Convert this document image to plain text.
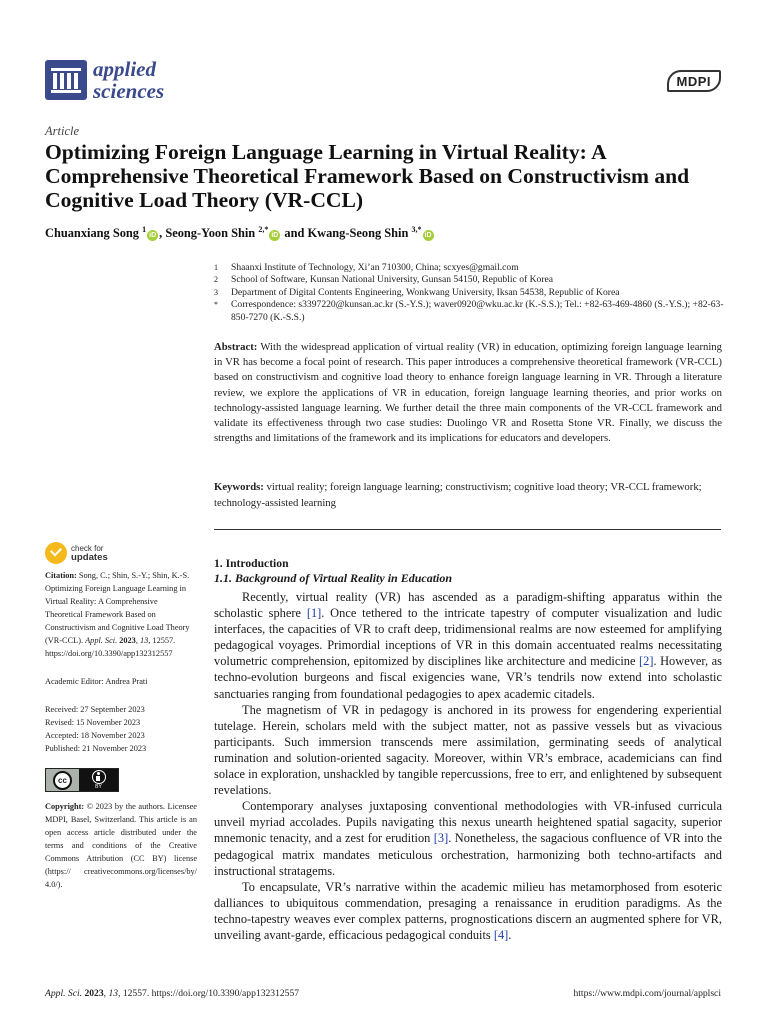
applied
sciences	MDPI
Article
Optimizing Foreign Language Learning in Virtual Reality: A Comprehensive Theoretical Framework Based on Constructivism and Cognitive Load Theory (VR-CCL)
Chuanxiang Song $^1$iD , Seong-Yoon Shin $^{2,*}$iD and Kwang-Seong Shin $^{3,*}$iD
1	Shaanxi Institute of Technology, Xi’an 710300, China; scxyes@gmail.com
2	School of Software, Kunsan National University, Gunsan 54150, Republic of Korea
3	Department of Digital Contents Engineering, Wonkwang University, Iksan 54538, Republic of Korea
*	Correspondence: s3397220@kunsan.ac.kr (S.-Y.S.); waver0920@wku.ac.kr (K.-S.S.); Tel.: +82-63-469-4860 (S.-Y.S.); +82-63-850-7270 (K.-S.S.)
Abstract: With the widespread application of virtual reality (VR) in education, optimizing foreign language learning in VR has become a focal point of research. This paper introduces a comprehensive theoretical framework (VR-CCL) based on constructivism and cognitive load theory to enhance foreign language learning in VR. Through a literature review, we explore the applications of VR in education, foreign language learning theories, and prior works on technology-assisted language learning. We further detail the three main components of the VR-CCL framework and validate its effectiveness through two case studies: Duolingo VR and Rosetta Stone VR. Finally, we discuss the strengths and limitations of the framework and its implications for educators and developers.
Keywords: virtual reality; foreign language learning; constructivism; cognitive load theory; VR-CCL framework; technology-assisted learning
check for
updates
Citation: Song, C.; Shin, S.-Y.; Shin, K.-S. Optimizing Foreign Language Learning in Virtual Reality: A Comprehensive Theoretical Framework Based on Constructivism and Cognitive Load Theory (VR-CCL). Appl. Sci. 2023, 13, 12557. https://doi.org/10.3390/app132312557
Academic Editor: Andrea Prati
Received: 27 September 2023
Revised: 15 November 2023
Accepted: 18 November 2023
Published: 21 November 2023
cc
BY
Copyright: © 2023 by the authors. Licensee MDPI, Basel, Switzerland. This article is an open access article distributed under the terms and conditions of the Creative Commons Attribution (CC BY) license (https:// creativecommons.org/licenses/by/ 4.0/).
1. Introduction
1.1. Background of Virtual Reality in Education

Recently, virtual reality (VR) has ascended as a paradigm-shifting apparatus within the scholastic sphere [1]. Once tethered to the intricate tapestry of computer visualization and ludic interfaces, the capacities of VR to craft deep, tridimensional realms are now esteemed for amplifying pedagogical voyages. Primordial inceptions of VR in this domain accentuated realms necessitating volumetric comprehension, epitomized by disciplines like architecture and medicine [2]. However, as techno-evolution burgeons and fiscal exigencies wane, VR’s tendrils now extend into scholastic sanctuaries ranging from foundational pedagogies to apex academic citadels.

The magnetism of VR in pedagogy is anchored in its prowess for engendering experiential tutelage. Herein, scholars meld with the subject matter, not as passive vessels but as vivacious participants. Such immersion transcends mere assimilation, germinating seeds of analytical rumination and solution-oriented sagacity. Moreover, within VR’s embrace, academicians can find solace in exploration, unshackled by tangible repercussions, free to err, and enlightened by subsequent revelations.

Contemporary analyses juxtaposing conventional methodologies with VR-infused curricula unveil myriad accolades. Pupils navigating this nexus unearth heightened spatial sagacity, superior mnemonic tenacity, and a zest for erudition [3]. Nonetheless, the sagacious confluence of VR into the pedagogical matrix mandates meticulous orchestration, harmonizing both techno-artifacts and instructional stratagems.

To encapsulate, VR’s narrative within the academic milieu has metamorphosed from esoteric dalliances to ubiquitous commendation, presaging a renaissance in erudition paradigms. As the techno-tapestry weaves ever complex patterns, prognostications discern an augmented sphere for VR, unveiling avant-garde, efficacious pedagogical conduits [4].

Appl. Sci. 2023, 13, 12557. https://doi.org/10.3390/app132312557	https://www.mdpi.com/journal/applsci
